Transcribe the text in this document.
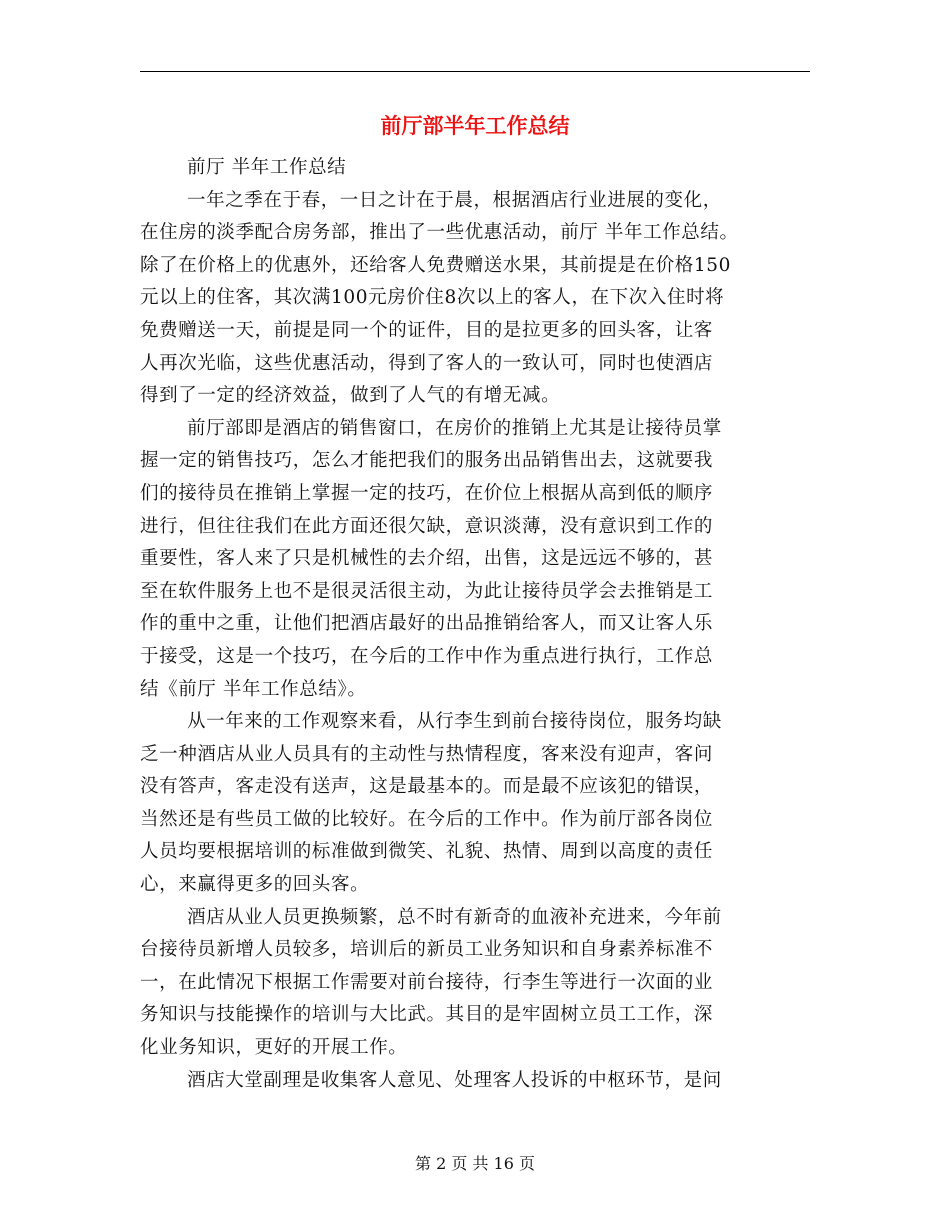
前厅部半年工作总结
前厅 半年工作总结
一年之季在于春，一日之计在于晨，根据酒店行业进展的变化，
在住房的淡季配合房务部，推出了一些优惠活动，前厅 半年工作总结。
除了在价格上的优惠外，还给客人免费赠送水果，其前提是在价格150
元以上的住客，其次满100元房价住8次以上的客人，在下次入住时将
免费赠送一天，前提是同一个的证件，目的是拉更多的回头客，让客
人再次光临，这些优惠活动，得到了客人的一致认可，同时也使酒店
得到了一定的经济效益，做到了人气的有增无减。
前厅部即是酒店的销售窗口，在房价的推销上尤其是让接待员掌
握一定的销售技巧，怎么才能把我们的服务出品销售出去，这就要我
们的接待员在推销上掌握一定的技巧，在价位上根据从高到低的顺序
进行，但往往我们在此方面还很欠缺，意识淡薄，没有意识到工作的
重要性，客人来了只是机械性的去介绍，出售，这是远远不够的，甚
至在软件服务上也不是很灵活很主动，为此让接待员学会去推销是工
作的重中之重，让他们把酒店最好的出品推销给客人，而又让客人乐
于接受，这是一个技巧，在今后的工作中作为重点进行执行，工作总
结《前厅 半年工作总结》。
从一年来的工作观察来看，从行李生到前台接待岗位，服务均缺
乏一种酒店从业人员具有的主动性与热情程度，客来没有迎声，客问
没有答声，客走没有送声，这是最基本的。而是最不应该犯的错误，
当然还是有些员工做的比较好。在今后的工作中。作为前厅部各岗位
人员均要根据培训的标准做到微笑、礼貌、热情、周到以高度的责任
心，来赢得更多的回头客。
酒店从业人员更换频繁，总不时有新奇的血液补充进来，今年前
台接待员新增人员较多，培训后的新员工业务知识和自身素养标准不
一，在此情况下根据工作需要对前台接待，行李生等进行一次面的业
务知识与技能操作的培训与大比武。其目的是牢固树立员工工作，深
化业务知识，更好的开展工作。
酒店大堂副理是收集客人意见、处理客人投诉的中枢环节，是问
第 2 页 共 16 页
